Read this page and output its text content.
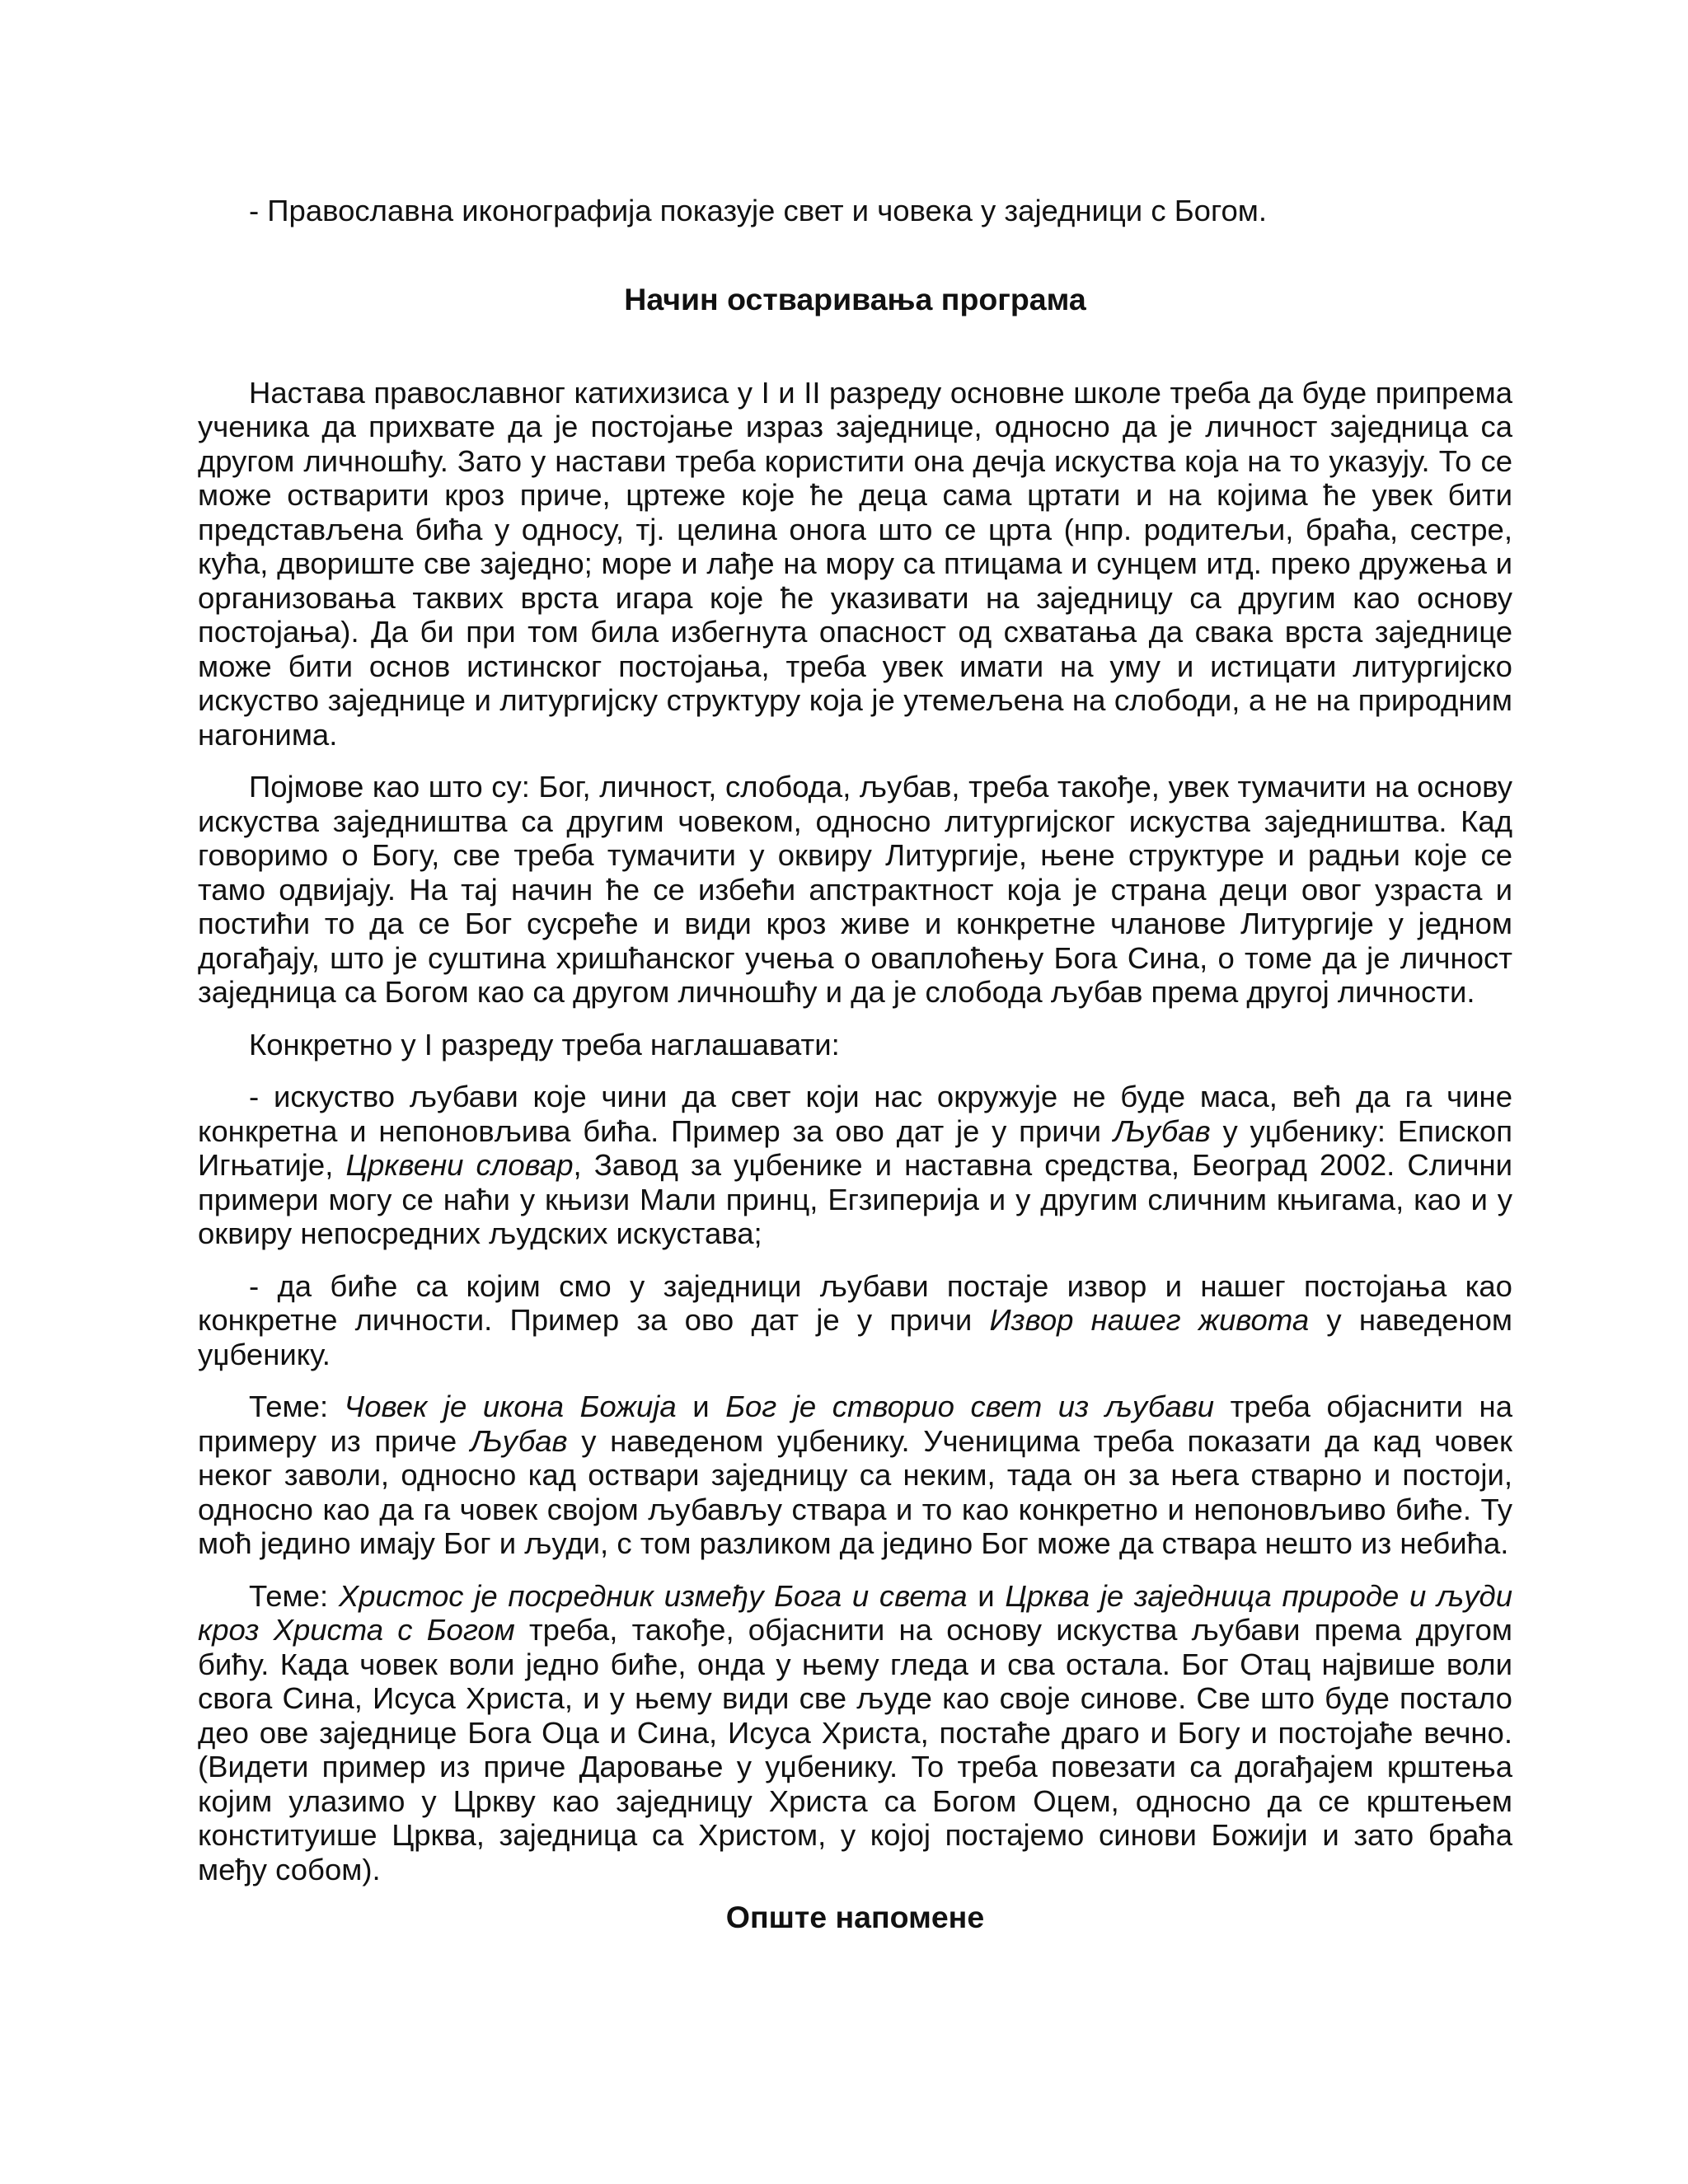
- Православна иконографија показује свет и човека у заједници с Богом.

Начин остваривања програма

Настава православног катихизиса у I и II разреду основне школе треба да буде припрема ученика да прихвате да је постојање израз заједнице, односно да је личност заједница са другом личношћу. Зато у настави треба користити она дечја искуства која на то указују. То се може остварити кроз приче, цртеже које ће деца сама цртати и на којима ће увек бити представљена бића у односу, тј. целина онога што се црта (нпр. родитељи, браћа, сестре, кућа, двориште све заједно; море и лађе на мору са птицама и сунцем итд. преко дружења и организовања таквих врста игара које ће указивати на заједницу са другим као основу постојања). Да би при том била избегнута опасност од схватања да свака врста заједнице може бити основ истинског постојања, треба увек имати на уму и истицати литургијско искуство заједнице и литургијску структуру која је утемељена на слободи, а не на природним нагонима.

Појмове као што су: Бог, личност, слобода, љубав, треба такође, увек тумачити на основу искуства заједништва са другим човеком, односно литургијског искуства заједништва. Кад говоримо о Богу, све треба тумачити у оквиру Литургије, њене структуре и радњи које се тамо одвијају. На тај начин ће се избећи апстрактност која је страна деци овог узраста и постићи то да се Бог сусреће и види кроз живе и конкретне чланове Литургије у једном догађају, што је суштина хришћанског учења о оваплоћењу Бога Сина, о томе да је личност заједница са Богом као са другом личношћу и да је слобода љубав према другој личности.

Конкретно у I разреду треба наглашавати:

- искуство љубави које чини да свет који нас окружује не буде маса, већ да га чине конкретна и непоновљива бића. Пример за ово дат је у причи Љубав у уџбенику: Епископ Игњатије, Црквени словар, Завод за уџбенике и наставна средства, Београд 2002. Слични примери могу се наћи у књизи Мали принц, Егзиперија и у другим сличним књигама, као и у оквиру непосредних људских искустава;

- да биће са којим смо у заједници љубави постаје извор и нашег постојања као конкретне личности. Пример за ово дат је у причи Извор нашег живота у наведеном уџбенику.

Теме: Човек је икона Божија и Бог је створио свет из љубави треба објаснити на примеру из приче Љубав у наведеном уџбенику. Ученицима треба показати да кад човек неког заволи, односно кад оствари заједницу са неким, тада он за њега стварно и постоји, односно као да га човек својом љубављу ствара и то као конкретно и непоновљиво биће. Ту моћ једино имају Бог и људи, с том разликом да једино Бог може да ствара нешто из небића.

Теме: Христос је посредник између Бога и света и Црква је заједница природе и људи кроз Христа с Богом треба, такође, објаснити на основу искуства љубави према другом бићу. Када човек воли једно биће, онда у њему гледа и сва остала. Бог Отац највише воли свога Сина, Исуса Христа, и у њему види све људе као своје синове. Све што буде постало део ове заједнице Бога Оца и Сина, Исуса Христа, постаће драго и Богу и постојаће вечно. (Видети пример из приче Даровање у уџбенику. То треба повезати са догађајем крштења којим улазимо у Цркву као заједницу Христа са Богом Оцем, односно да се крштењем конституише Црква, заједница са Христом, у којој постајемо синови Божији и зато браћа међу собом).

Опште напомене
